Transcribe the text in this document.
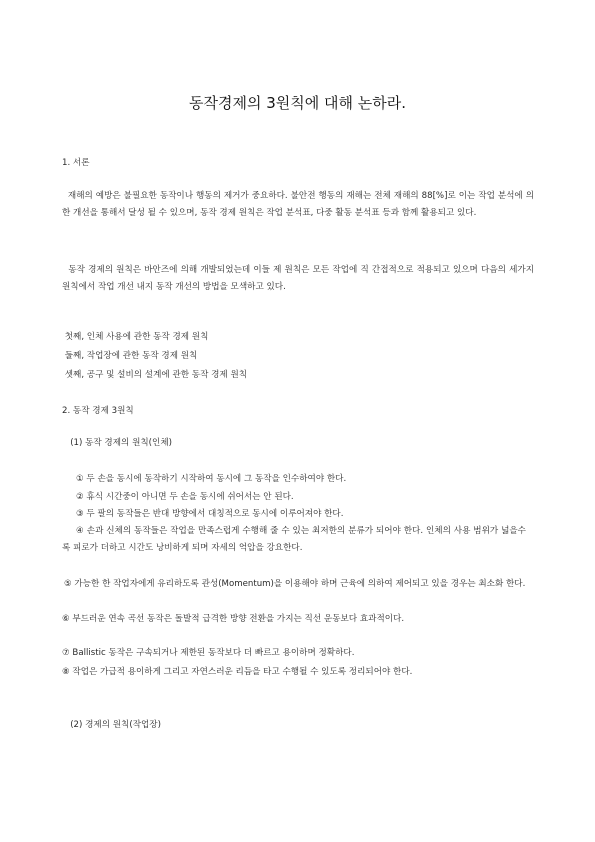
동작경제의 3원칙에 대해 논하라.
1. 서론
재해의 예방은 불필요한 동작이나 행동의 제거가 중요하다. 불안전 행동의 재해는 전체 재해의 88[%]로 이는 작업 분석에 의한 개선을 통해서 달성 될 수 있으며, 동작 경제 원칙은 작업 분석표, 다중 활동 분석표 등과 함께 활용되고 있다.
동작 경제의 원칙은 바안즈에 의해 개발되었는데 이들 제 원칙은 모든 작업에 직 간접적으로 적용되고 있으며 다음의 세가지 원칙에서 작업 개선 내지 동작 개선의 방법을 모색하고 있다.
첫째, 인체 사용에 관한 동작 경제 원칙
둘째, 작업장에 관한 동작 경제 원칙
셋째, 공구 및 설비의 설계에 관한 동작 경제 원칙
2. 동작 경제 3원칙
(1) 동작 경제의 원칙(인체)
① 두 손을 동시에 동작하기 시작하여 동시에 그 동작을 인수하여야 한다.
② 휴식 시간중이 아니면 두 손을 동시에 쉬어서는 안 된다.
③ 두 팔의 동작들은 반대 방향에서 대칭적으로 동시에 이루어져야 한다.
④ 손과 신체의 동작들은 작업을 만족스럽게 수행해 줄 수 있는 최저한의 분류가 되어야 한다. 인체의 사용 범위가 넓을수록 피로가 더하고 시간도 낭비하게 되며 자세의 억압을 강요한다.
⑤ 가능한 한 작업자에게 유리하도록 관성(Momentum)을 이용해야 하며 근육에 의하여 제어되고 있을 경우는 최소화 한다.
⑥ 부드러운 연속 곡선 동작은 돌발적 급격한 방향 전환을 가지는 직선 운동보다 효과적이다.
⑦ Ballistic 동작은 구속되거나 제한된 동작보다 더 빠르고 용이하며 정확하다.
⑧ 작업은 가급적 용이하게 그리고 자연스러운 리듬을 타고 수행될 수 있도록 정리되어야 한다.
(2) 경제의 원칙(작업장)
